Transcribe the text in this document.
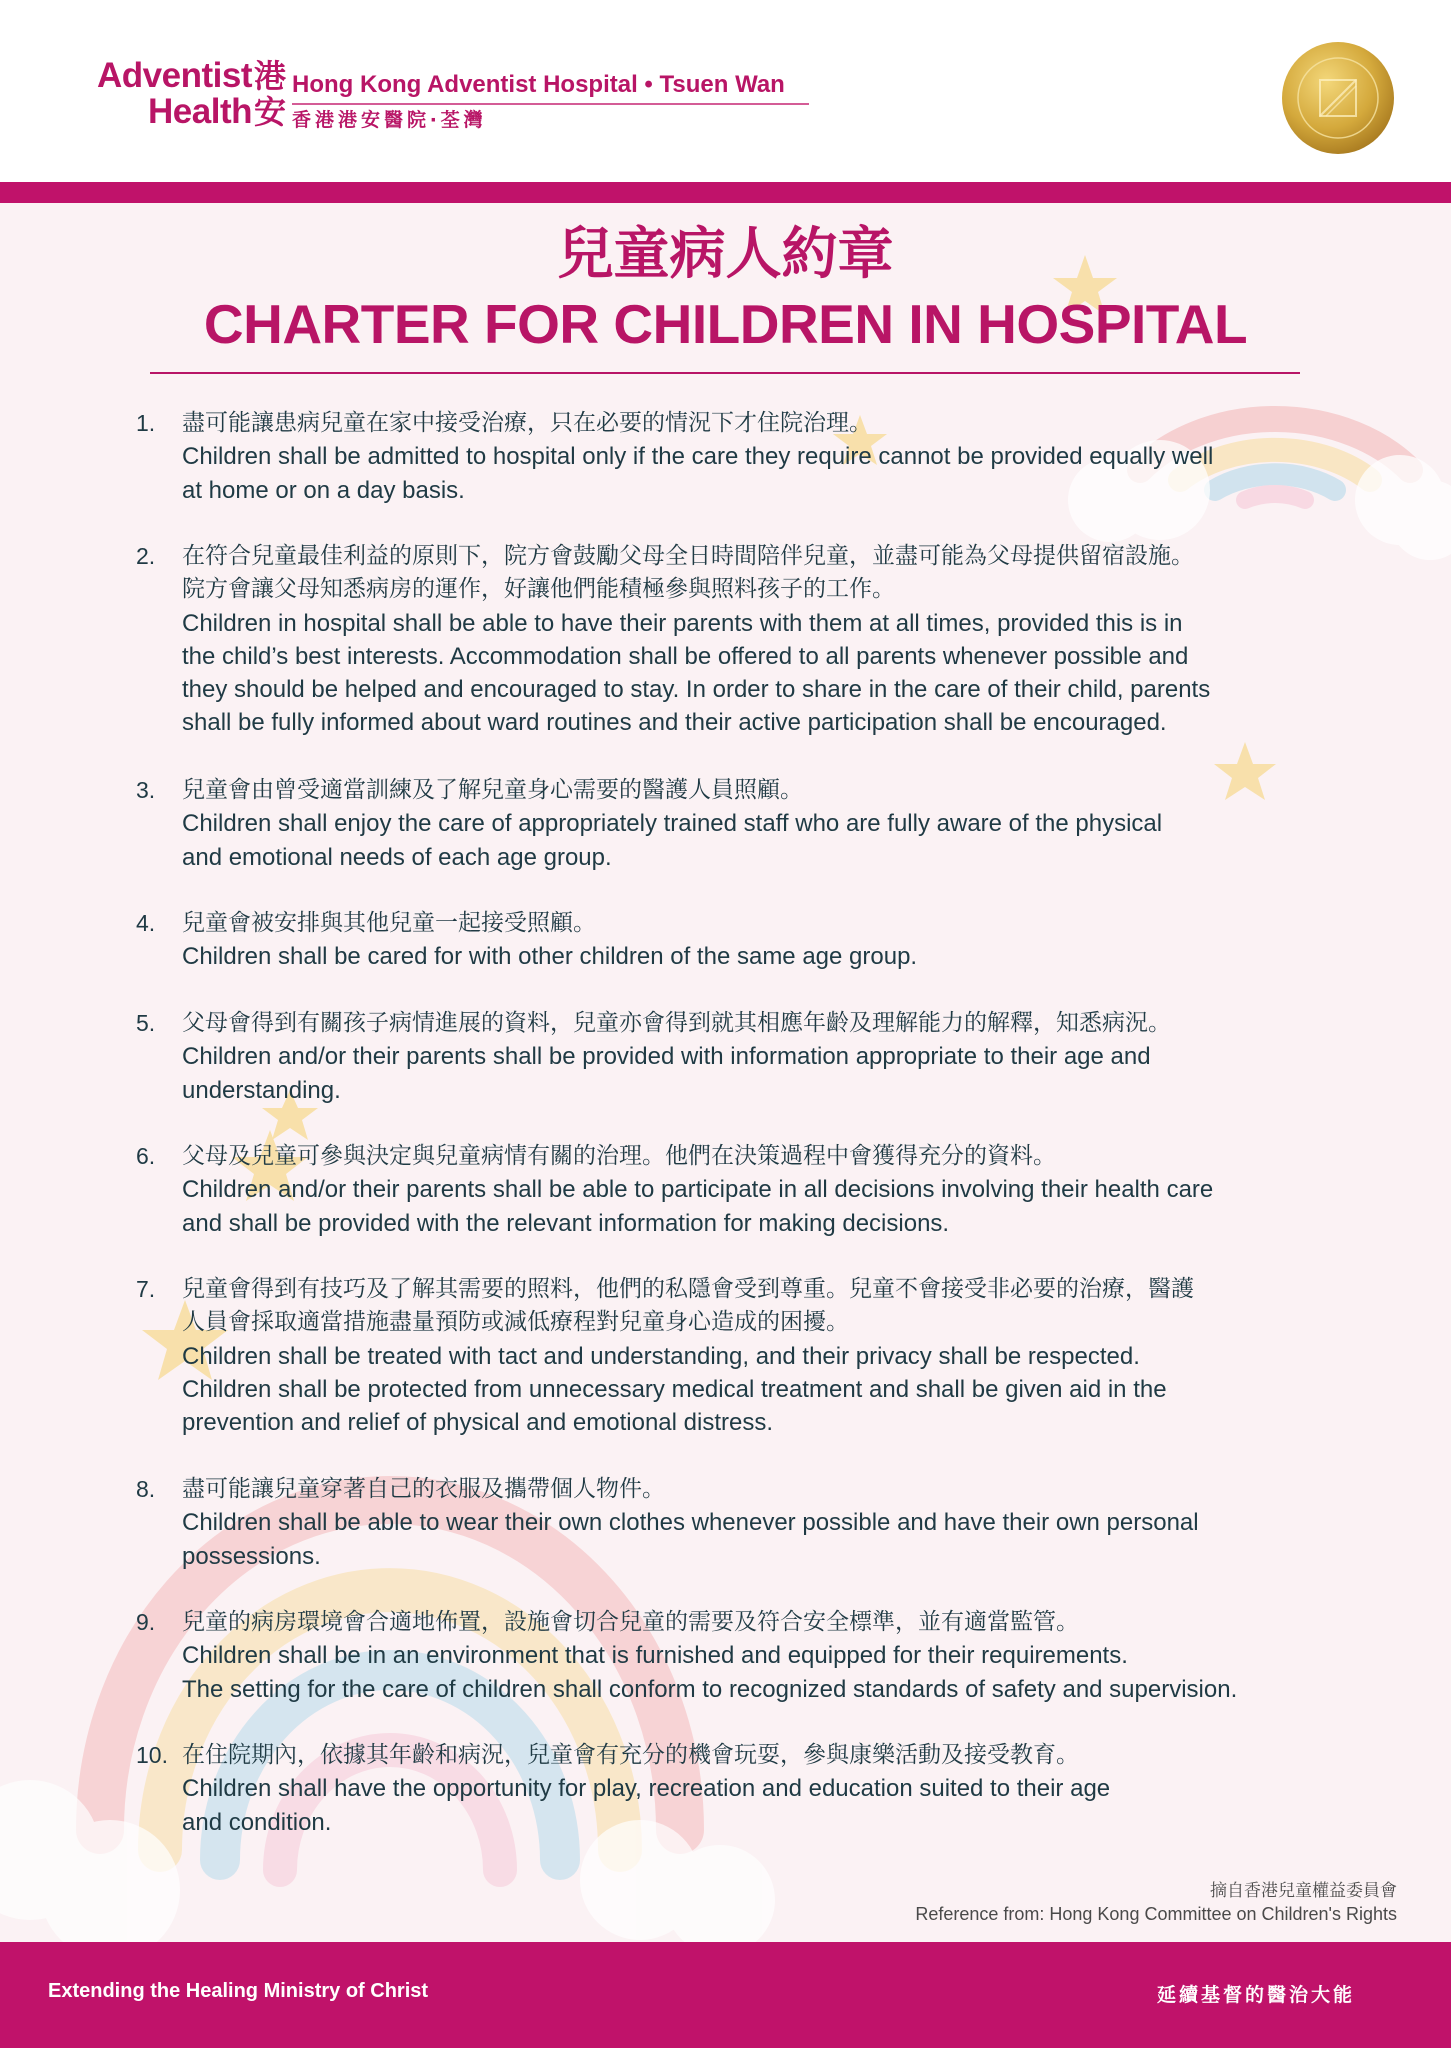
Adventist
Health
港
安
Hong Kong Adventist Hospital • Tsuen Wan
香港港安醫院‧荃灣
兒童病人約章
CHARTER FOR CHILDREN IN HOSPITAL
1.	盡可能讓患病兒童在家中接受治療，只在必要的情況下才住院治理。
Children shall be admitted to hospital only if the care they require cannot be provided equally well
at home or on a day basis.
2.	在符合兒童最佳利益的原則下，院方會鼓勵父母全日時間陪伴兒童，並盡可能為父母提供留宿設施。
院方會讓父母知悉病房的運作，好讓他們能積極參與照料孩子的工作。
Children in hospital shall be able to have their parents with them at all times, provided this is in
the child’s best interests. Accommodation shall be offered to all parents whenever possible and
they should be helped and encouraged to stay. In order to share in the care of their child, parents
shall be fully informed about ward routines and their active participation shall be encouraged.
3.	兒童會由曾受適當訓練及了解兒童身心需要的醫護人員照顧。
Children shall enjoy the care of appropriately trained staff who are fully aware of the physical
and emotional needs of each age group.
4.	兒童會被安排與其他兒童一起接受照顧。
Children shall be cared for with other children of the same age group.
5.	父母會得到有關孩子病情進展的資料，兒童亦會得到就其相應年齡及理解能力的解釋，知悉病況。
Children and/or their parents shall be provided with information appropriate to their age and
understanding.
6.	父母及兒童可參與決定與兒童病情有關的治理。他們在決策過程中會獲得充分的資料。
Children and/or their parents shall be able to participate in all decisions involving their health care
and shall be provided with the relevant information for making decisions.
7.	兒童會得到有技巧及了解其需要的照料，他們的私隱會受到尊重。兒童不會接受非必要的治療，醫護
人員會採取適當措施盡量預防或減低療程對兒童身心造成的困擾。
Children shall be treated with tact and understanding, and their privacy shall be respected.
Children shall be protected from unnecessary medical treatment and shall be given aid in the
prevention and relief of physical and emotional distress.
8.	盡可能讓兒童穿著自己的衣服及攜帶個人物件。
Children shall be able to wear their own clothes whenever possible and have their own personal
possessions.
9.	兒童的病房環境會合適地佈置，設施會切合兒童的需要及符合安全標準，並有適當監管。
Children shall be in an environment that is furnished and equipped for their requirements.
The setting for the care of children shall conform to recognized standards of safety and supervision.
10. 在住院期內，依據其年齡和病況，兒童會有充分的機會玩耍，參與康樂活動及接受教育。
Children shall have the opportunity for play, recreation and education suited to their age
and condition.
摘自香港兒童權益委員會
Reference from: Hong Kong Committee on Children's Rights
Extending the Healing Ministry of Christ	延續基督的醫治大能
